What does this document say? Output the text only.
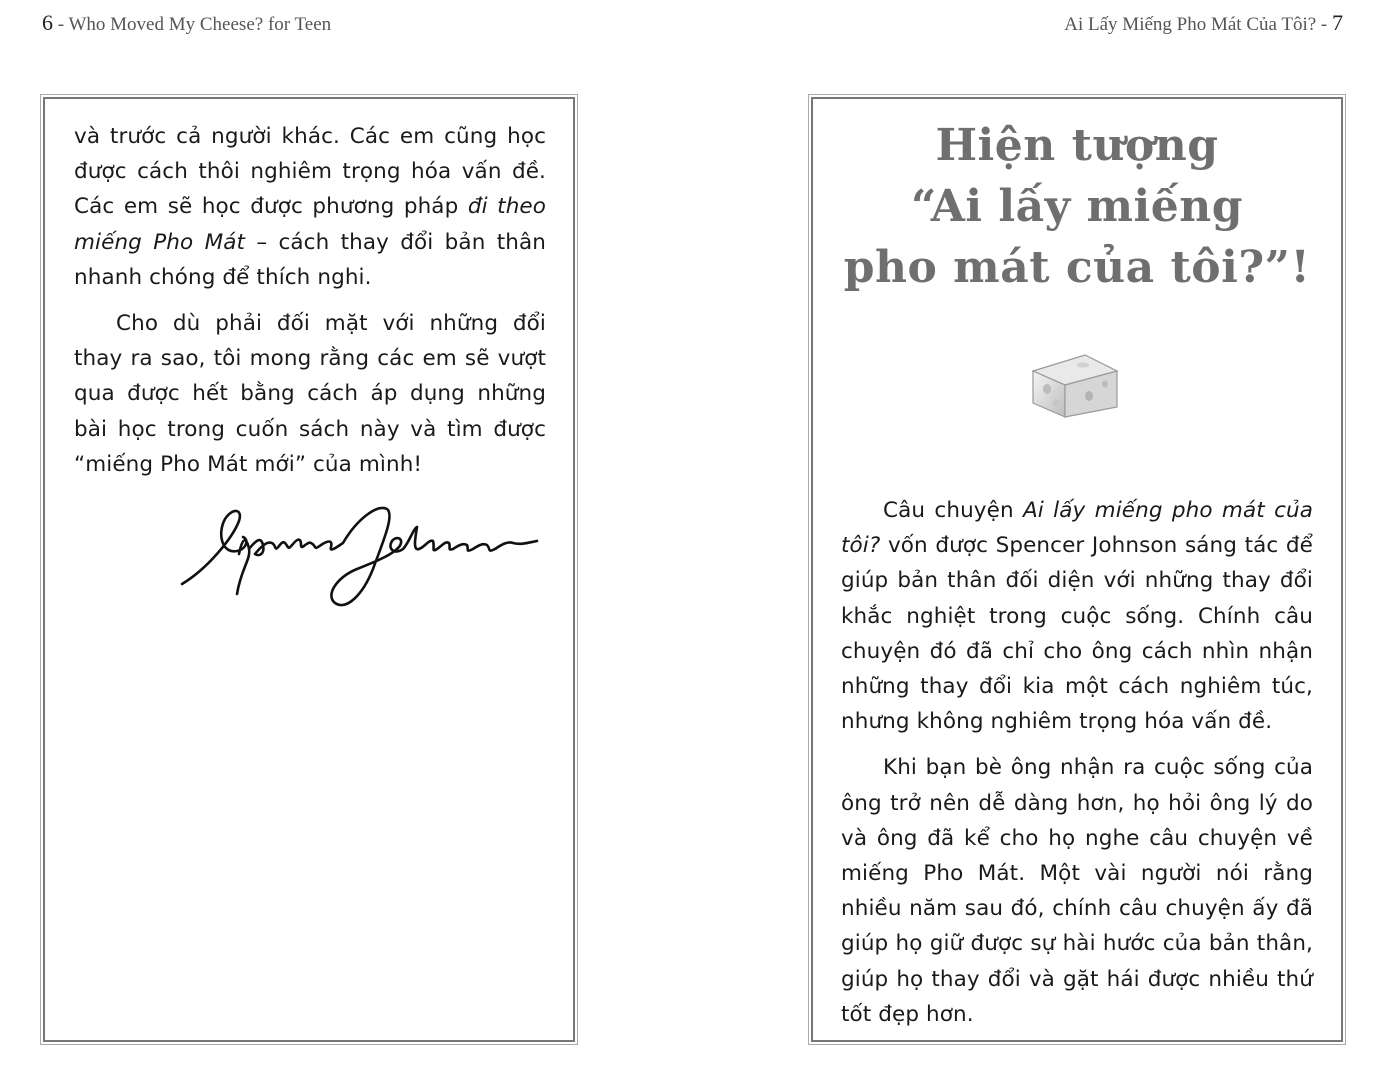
6 - Who Moved My Cheese? for Teen	Ai Lấy Miếng Pho Mát Của Tôi? - 7

và trước cả người khác. Các em cũng học được cách thôi nghiêm trọng hóa vấn đề. Các em sẽ học được phương pháp đi theo miếng Pho Mát – cách thay đổi bản thân nhanh chóng để thích nghi.

Cho dù phải đối mặt với những đổi thay ra sao, tôi mong rằng các em sẽ vượt qua được hết bằng cách áp dụng những bài học trong cuốn sách này và tìm được “miếng Pho Mát mới” của mình!

Hiện tượng
“Ai lấy miếng
pho mát của tôi?”!

Câu chuyện Ai lấy miếng pho mát của tôi? vốn được Spencer Johnson sáng tác để giúp bản thân đối diện với những thay đổi khắc nghiệt trong cuộc sống. Chính câu chuyện đó đã chỉ cho ông cách nhìn nhận những thay đổi kia một cách nghiêm túc, nhưng không nghiêm trọng hóa vấn đề.

Khi bạn bè ông nhận ra cuộc sống của ông trở nên dễ dàng hơn, họ hỏi ông lý do và ông đã kể cho họ nghe câu chuyện về miếng Pho Mát. Một vài người nói rằng nhiều năm sau đó, chính câu chuyện ấy đã giúp họ giữ được sự hài hước của bản thân, giúp họ thay đổi và gặt hái được nhiều thứ tốt đẹp hơn.
